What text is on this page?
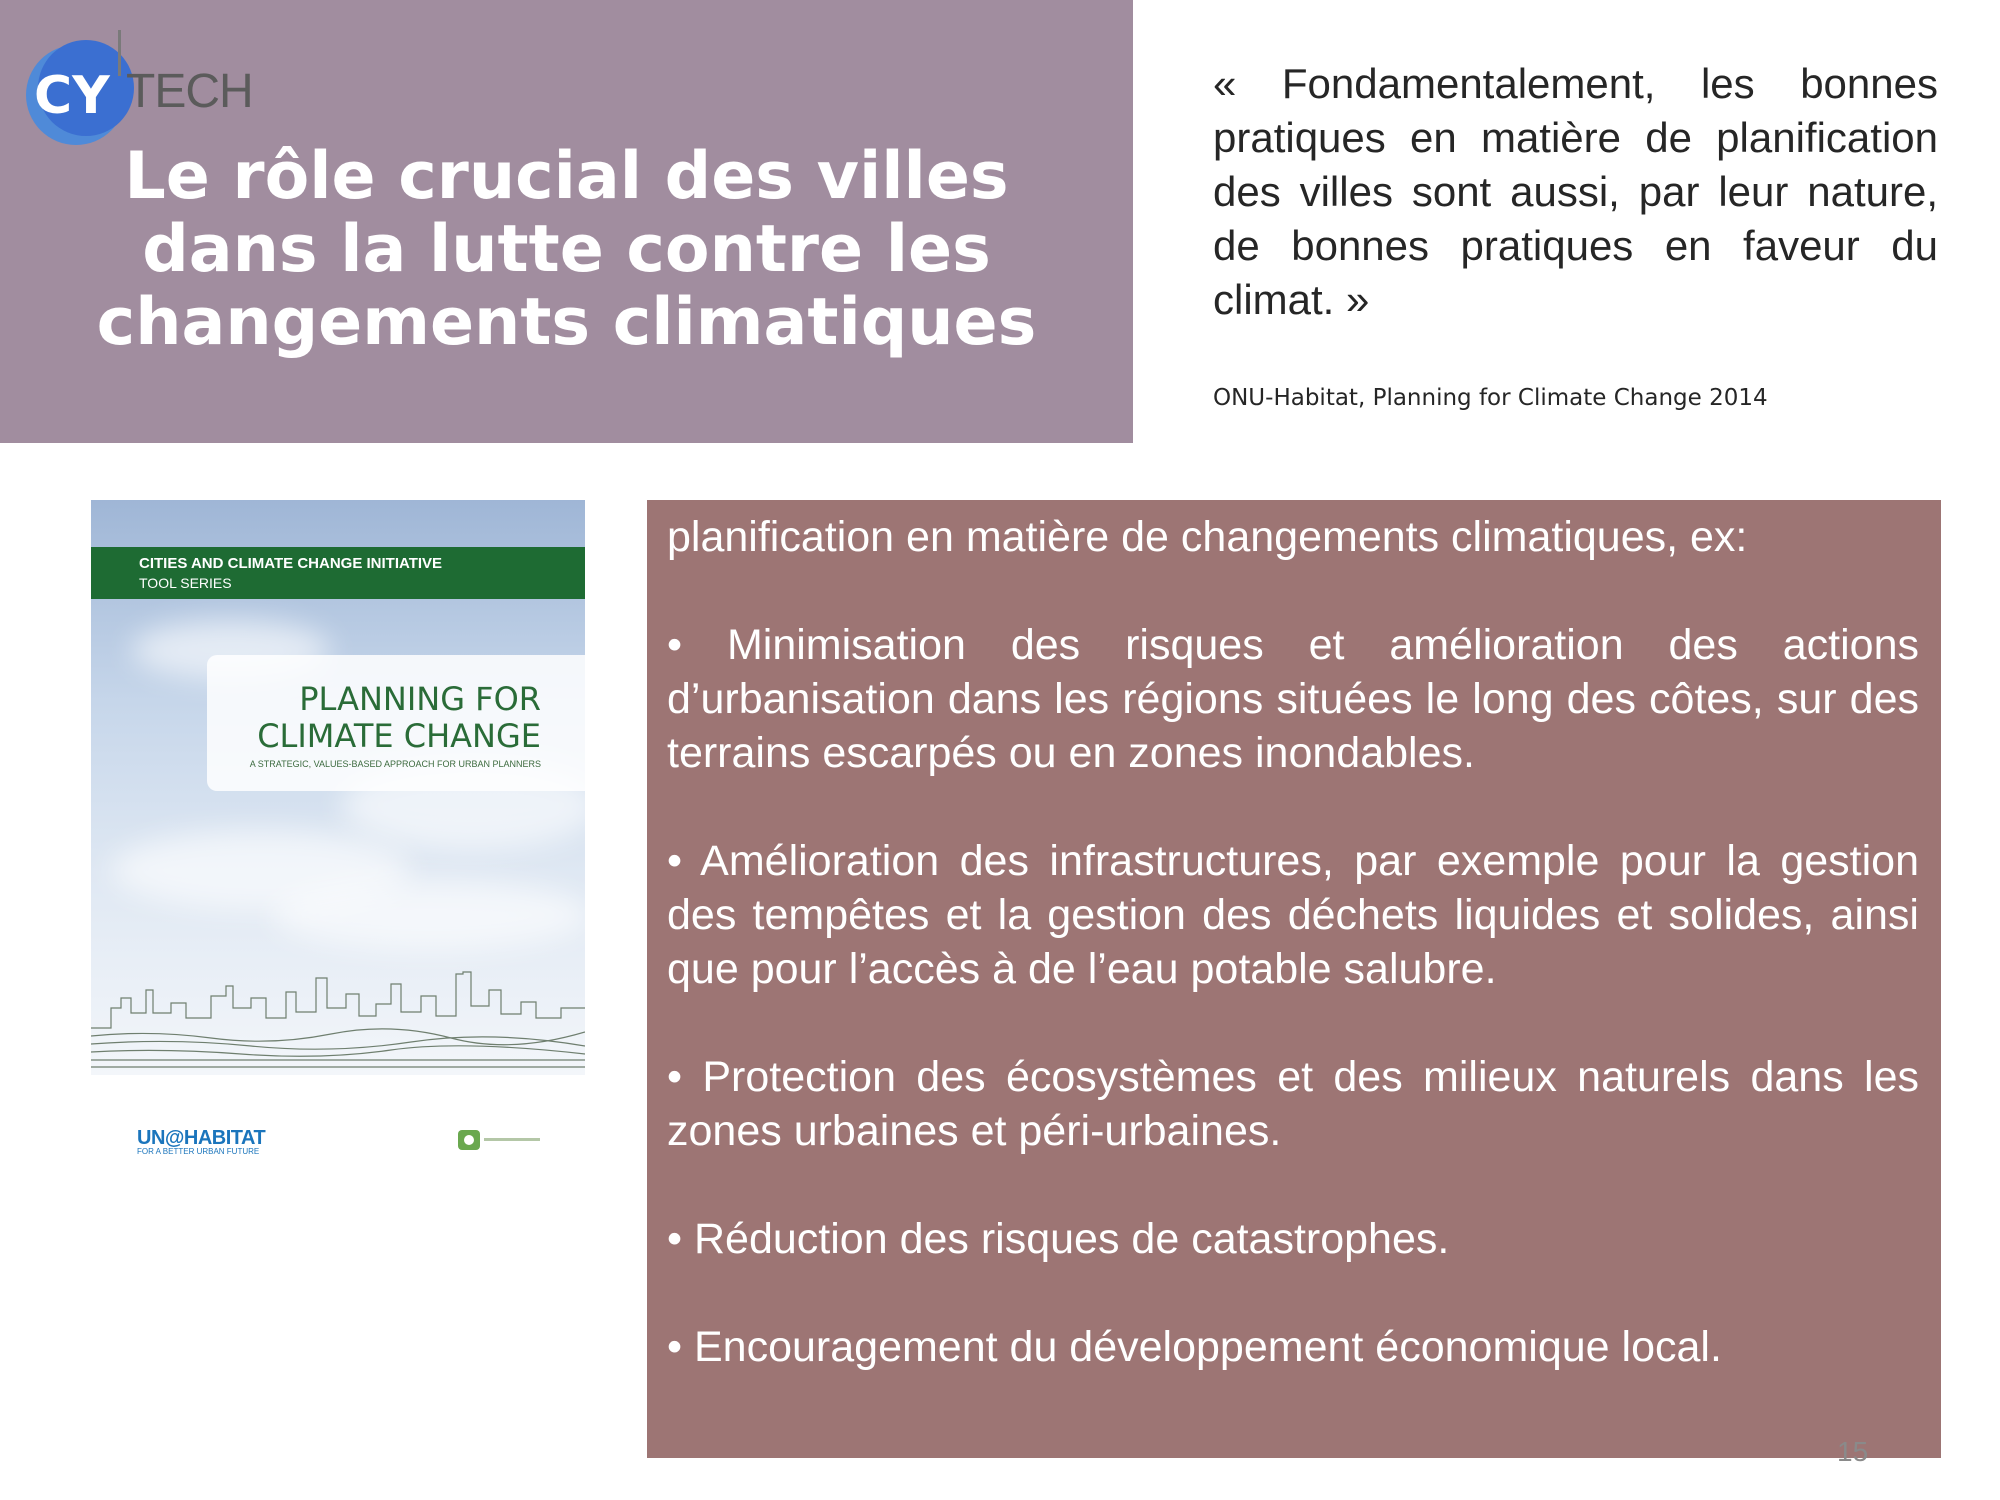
CY TECH
Le rôle crucial des villes dans la lutte contre les changements climatiques

« Fondamentalement, les bonnes pratiques en matière de planification des villes sont aussi, par leur nature, de bonnes pratiques en faveur du climat. »

ONU-Habitat, Planning for Climate Change 2014
CITIES AND CLIMATE CHANGE INITIATIVE
TOOL SERIES
PLANNING FOR CLIMATE CHANGE
A STRATEGIC, VALUES-BASED APPROACH FOR URBAN PLANNERS
UN@HABITAT
FOR A BETTER URBAN FUTURE

planification en matière de changements climatiques, ex:

• Minimisation des risques et amélioration des actions d’urbanisation dans les régions situées le long des côtes, sur des terrains escarpés ou en zones inondables.
• Amélioration des infrastructures, par exemple pour la gestion des tempêtes et la gestion des déchets liquides et solides, ainsi que pour l’accès à de l’eau potable salubre.
• Protection des écosystèmes et des milieux naturels dans les zones urbaines et péri-urbaines.
• Réduction des risques de catastrophes.
• Encouragement du développement économique local.
15
